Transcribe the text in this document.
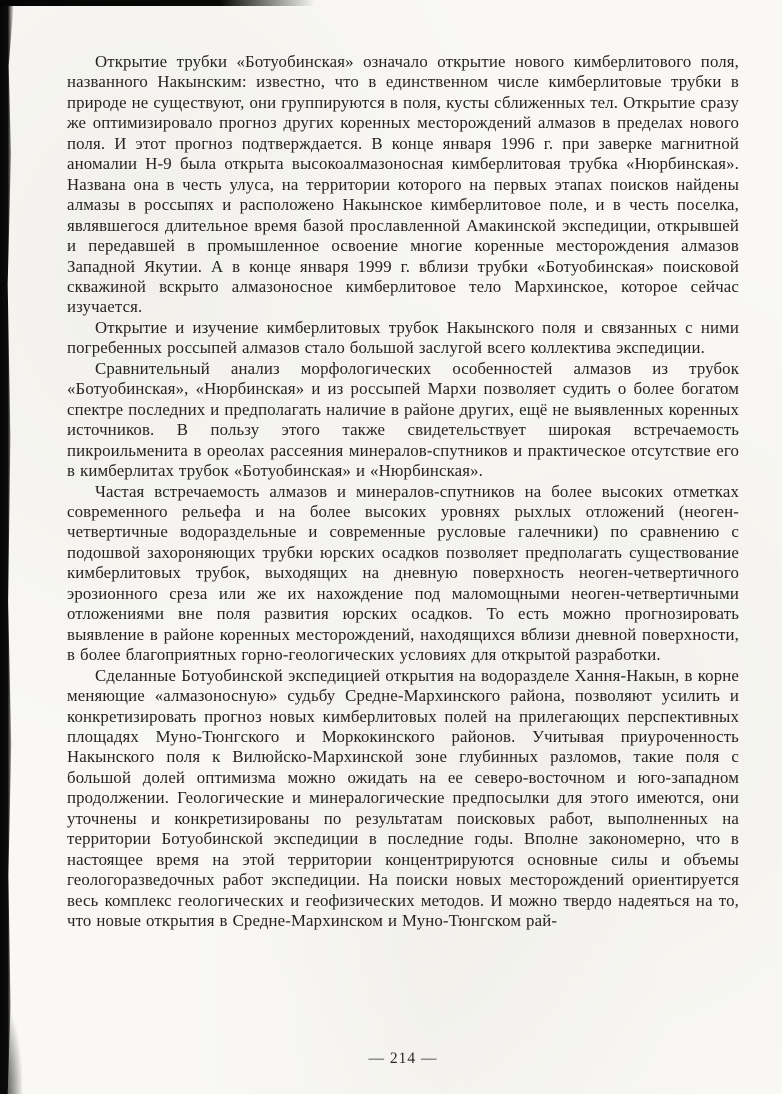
Открытие трубки «Ботуобинская» означало открытие нового кимберлитового поля, названного Накынским: известно, что в единственном числе кимберлитовые трубки в природе не существуют, они группируются в поля, кусты сближенных тел. Открытие сразу же оптимизировало прогноз других коренных месторождений алмазов в пределах нового поля. И этот прогноз подтверждается. В конце января 1996 г. при заверке магнитной аномалии Н-9 была открыта высокоалмазоносная кимберлитовая трубка «Нюрбинская». Названа она в честь улуса, на территории которого на первых этапах поисков найдены алмазы в россыпях и расположено Накынское кимберлитовое поле, и в честь поселка, являвшегося длительное время базой прославленной Амакинской экспедиции, открывшей и передавшей в промышленное освоение многие коренные месторождения алмазов Западной Якутии. А в конце января 1999 г. вблизи трубки «Ботуобинская» поисковой скважиной вскрыто алмазоносное кимберлитовое тело Мархинское, которое сейчас изучается.

Открытие и изучение кимберлитовых трубок Накынского поля и связанных с ними погребенных россыпей алмазов стало большой заслугой всего коллектива экспедиции.

Сравнительный анализ морфологических особенностей алмазов из трубок «Ботуобинская», «Нюрбинская» и из россыпей Мархи позволяет судить о более богатом спектре последних и предполагать наличие в районе других, ещё не выявленных коренных источников. В пользу этого также свидетельствует широкая встречаемость пикроильменита в ореолах рассеяния минералов-спутников и практическое отсутствие его в кимберлитах трубок «Ботуобинская» и «Нюрбинская».

Частая встречаемость алмазов и минералов-спутников на более высоких отметках современного рельефа и на более высоких уровнях рыхлых отложений (неоген-четвертичные водораздельные и современные русловые галечники) по сравнению с подошвой захороняющих трубки юрских осадков позволяет предполагать существование кимберлитовых трубок, выходящих на дневную поверхность неоген-четвертичного эрозионного среза или же их нахождение под маломощными неоген-четвертичными отложениями вне поля развития юрских осадков. То есть можно прогнозировать выявление в районе коренных месторождений, находящихся вблизи дневной поверхности, в более благоприятных горно-геологических условиях для открытой разработки.

Сделанные Ботуобинской экспедицией открытия на водоразделе Хання-Накын, в корне меняющие «алмазоносную» судьбу Средне-Мархинского района, позволяют усилить и конкретизировать прогноз новых кимберлитовых полей на прилегающих перспективных площадях Муно-Тюнгского и Моркокинского районов. Учитывая приуроченность Накынского поля к Вилюйско-Мархинской зоне глубинных разломов, такие поля с большой долей оптимизма можно ожидать на ее северо-восточном и юго-западном продолжении. Геологические и минералогические предпосылки для этого имеются, они уточнены и конкретизированы по результатам поисковых работ, выполненных на территории Ботуобинской экспедиции в последние годы. Вполне закономерно, что в настоящее время на этой территории концентрируются основные силы и объемы геологоразведочных работ экспедиции. На поиски новых месторождений ориентируется весь комплекс геологических и геофизических методов. И можно твердо надеяться на то, что новые открытия в Средне-Мархинском и Муно-Тюнгском рай-

— 214 —
